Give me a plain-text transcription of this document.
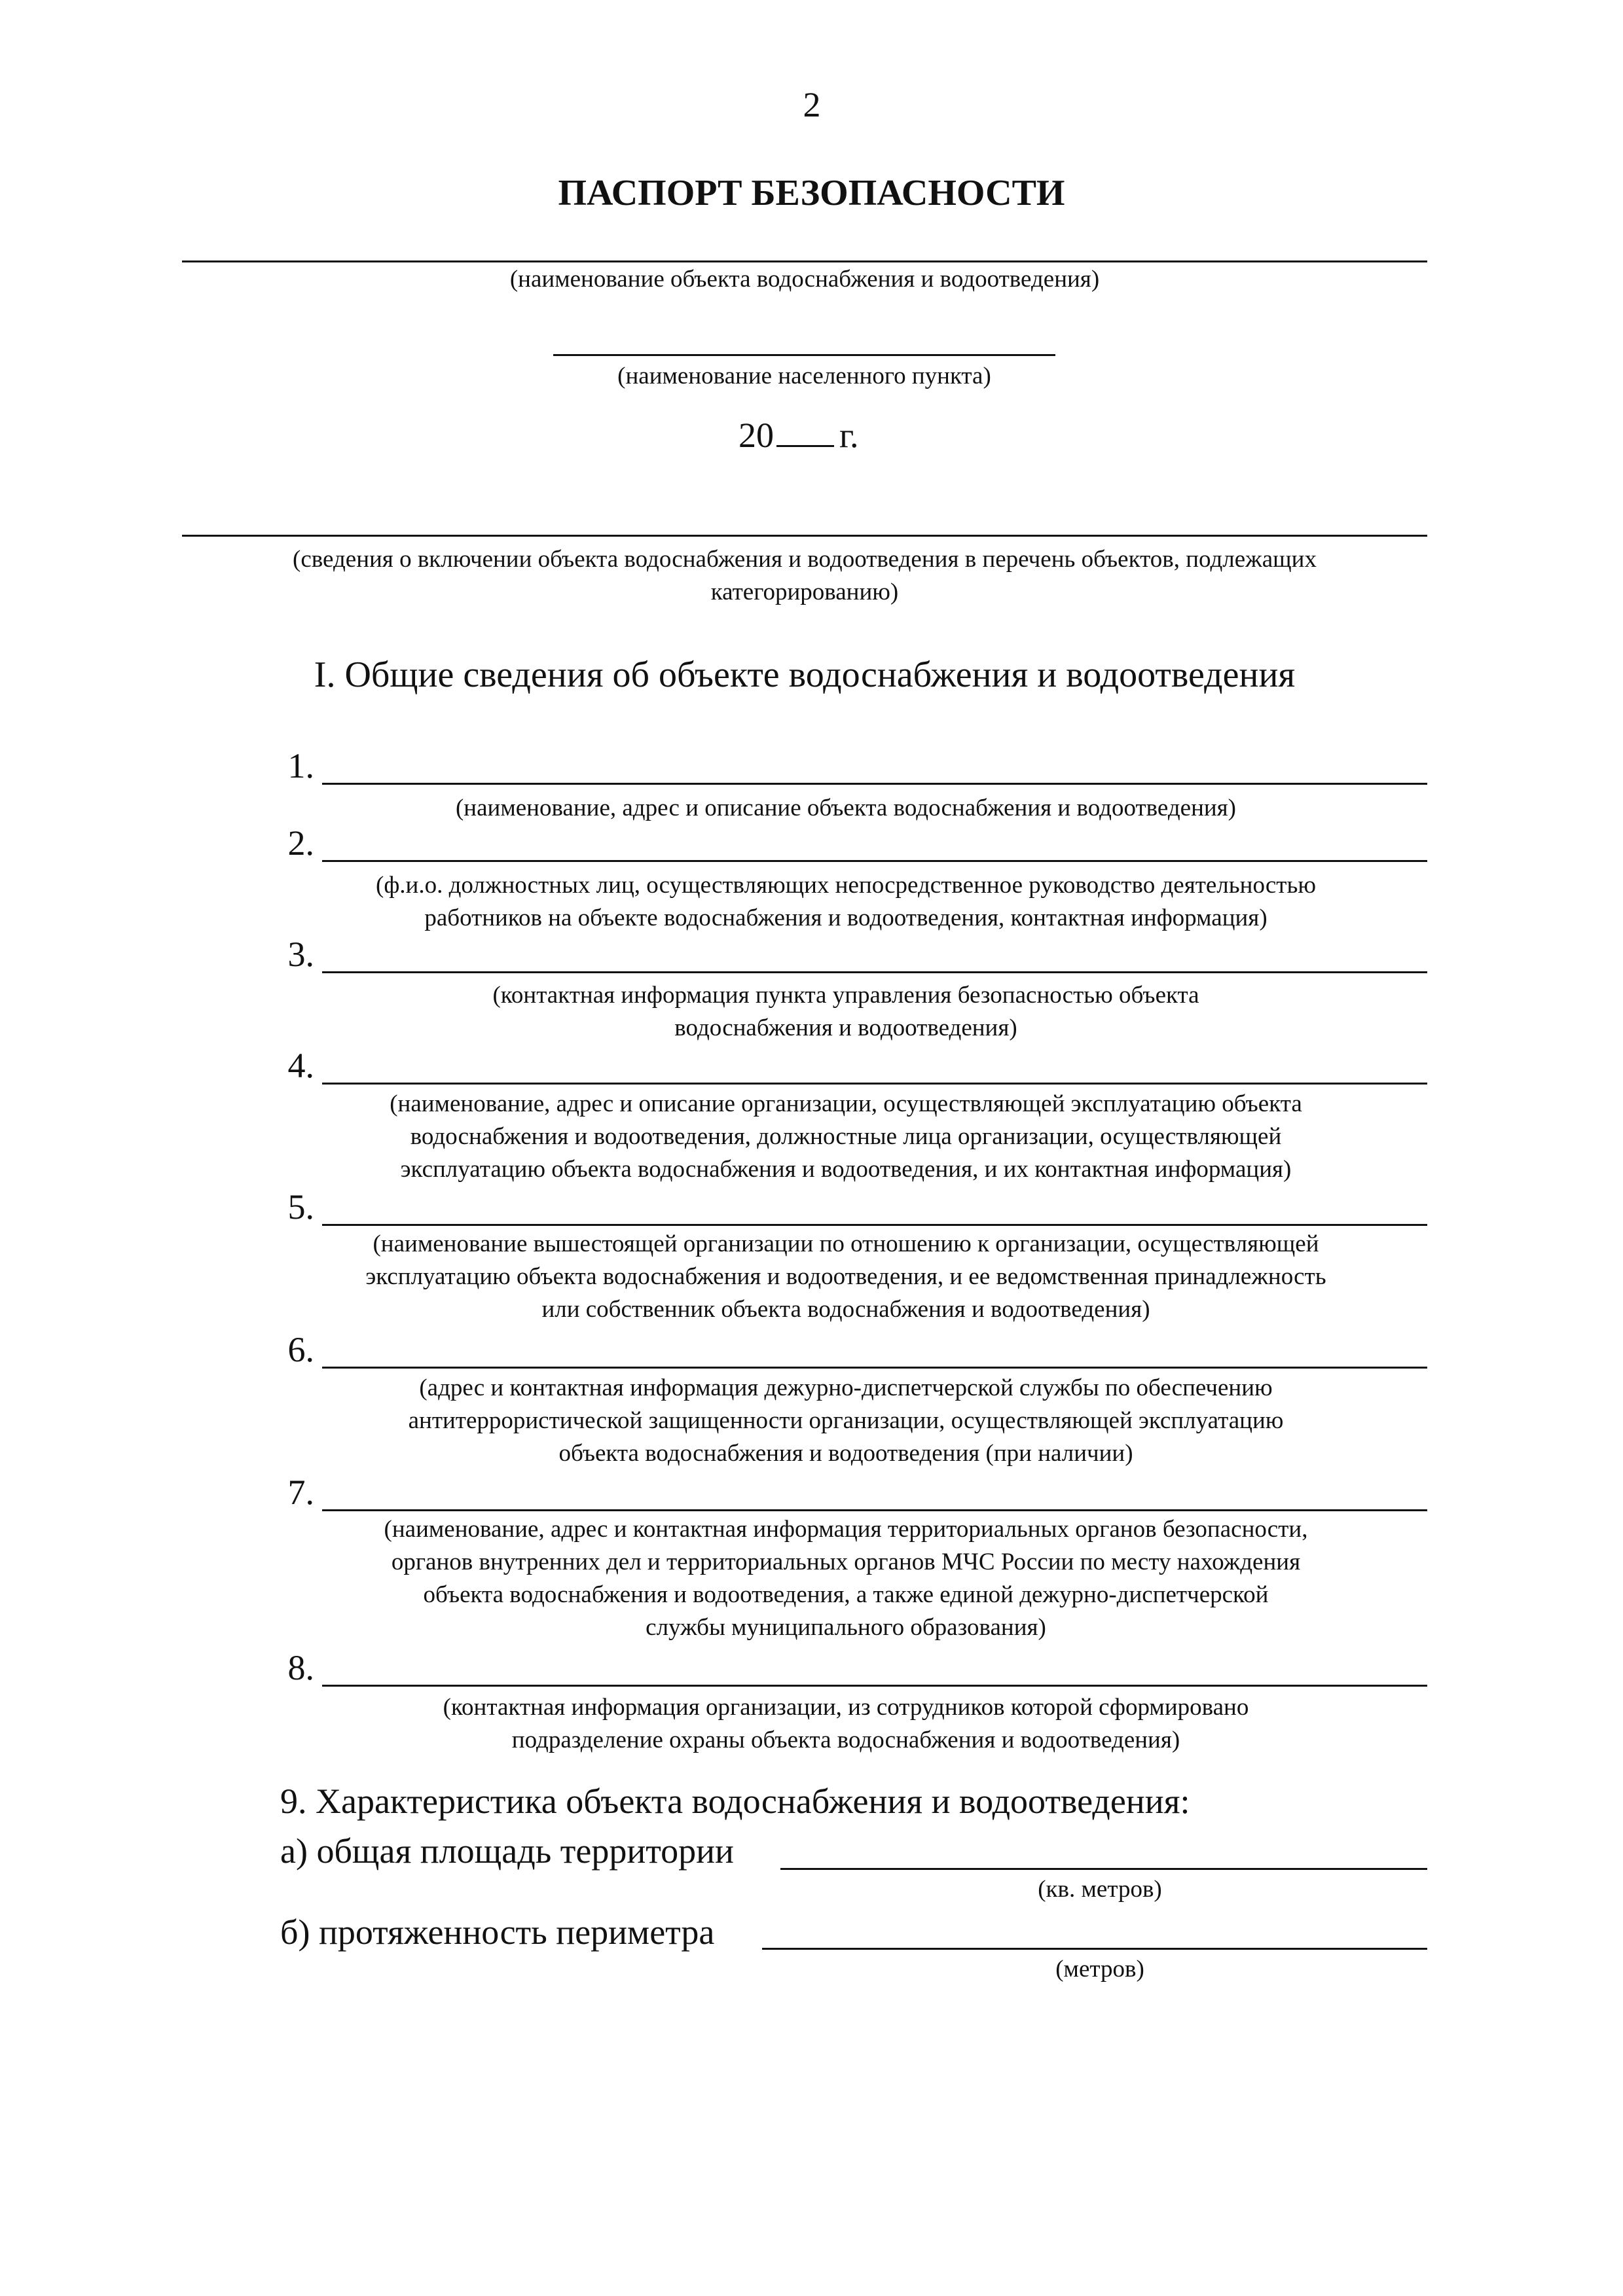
2
ПАСПОРТ БЕЗОПАСНОСТИ
(наименование объекта водоснабжения и водоотведения)
(наименование населенного пункта)
20 г.
(сведения о включении объекта водоснабжения и водоотведения в перечень объектов, подлежащих
категорированию)
I. Общие сведения об объекте водоснабжения и водоотведения
1.
(наименование, адрес и описание объекта водоснабжения и водоотведения)
2.
(ф.и.о. должностных лиц, осуществляющих непосредственное руководство деятельностью
работников на объекте водоснабжения и водоотведения, контактная информация)
3.
(контактная информация пункта управления безопасностью объекта
водоснабжения и водоотведения)
4.
(наименование, адрес и описание организации, осуществляющей эксплуатацию объекта
водоснабжения и водоотведения, должностные лица организации, осуществляющей
эксплуатацию объекта водоснабжения и водоотведения, и их контактная информация)
5.
(наименование вышестоящей организации по отношению к организации, осуществляющей
эксплуатацию объекта водоснабжения и водоотведения, и ее ведомственная принадлежность
или собственник объекта водоснабжения и водоотведения)
6.
(адрес и контактная информация дежурно-диспетчерской службы по обеспечению
антитеррористической защищенности организации, осуществляющей эксплуатацию
объекта водоснабжения и водоотведения (при наличии)
7.
(наименование, адрес и контактная информация территориальных органов безопасности,
органов внутренних дел и территориальных органов МЧС России по месту нахождения
объекта водоснабжения и водоотведения, а также единой дежурно-диспетчерской
службы муниципального образования)
8.
(контактная информация организации, из сотрудников которой сформировано
подразделение охраны объекта водоснабжения и водоотведения)
9. Характеристика объекта водоснабжения и водоотведения:
а) общая площадь территории
(кв. метров)
б) протяженность периметра
(метров)
